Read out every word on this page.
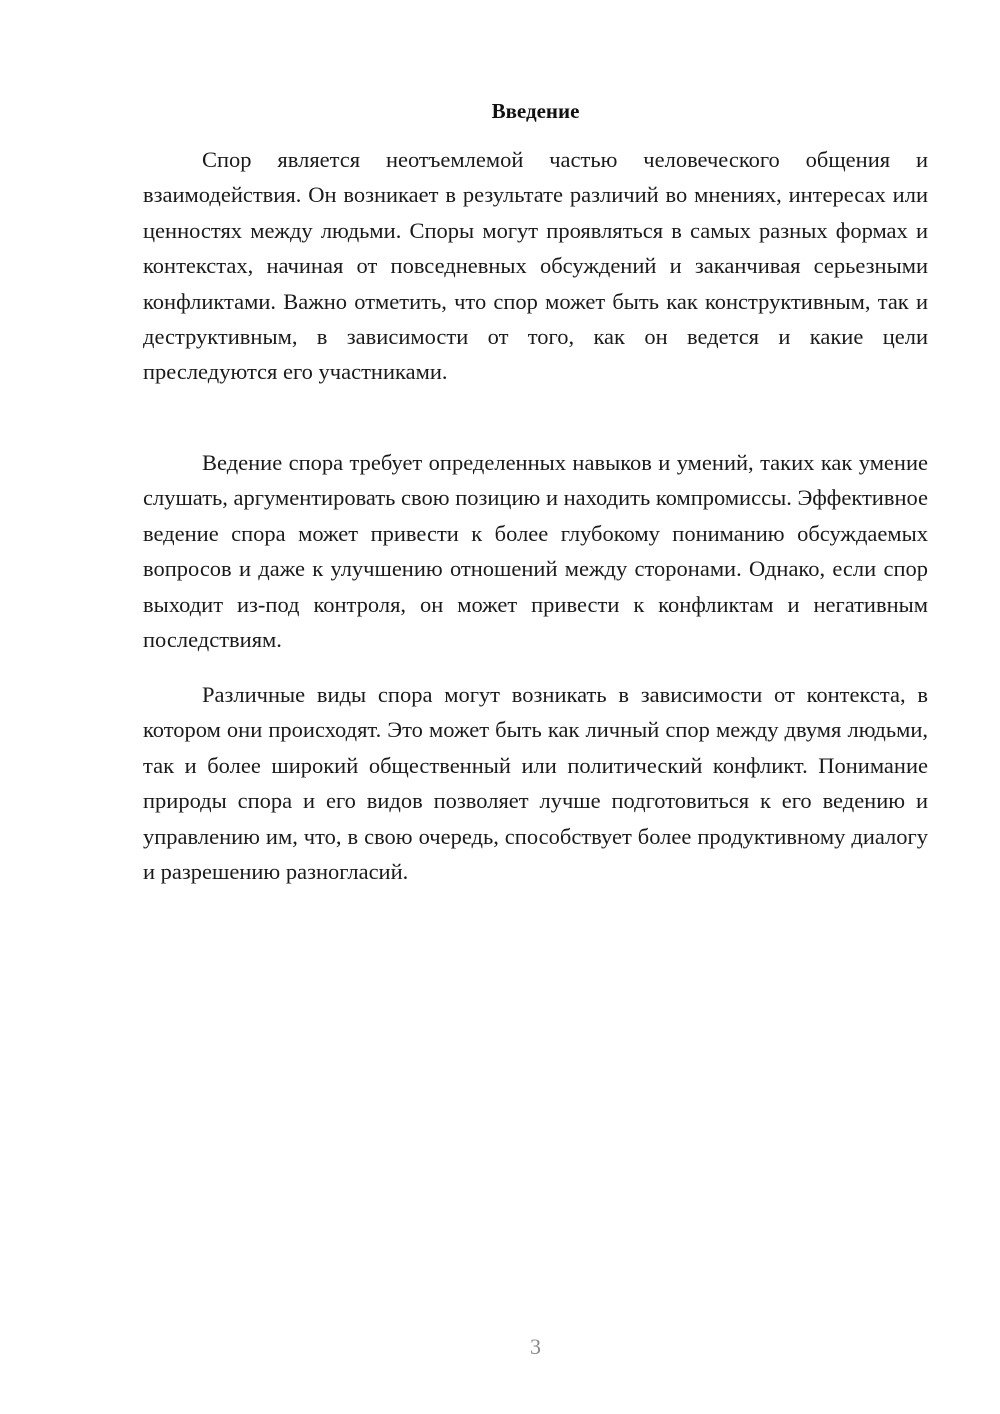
Введение

Спор является неотъемлемой частью человеческого общения и взаимодействия. Он возникает в результате различий во мнениях, интересах или ценностях между людьми. Споры могут проявляться в самых разных формах и контекстах, начиная от повседневных обсуждений и заканчивая серьезными конфликтами. Важно отметить, что спор может быть как конструктивным, так и деструктивным, в зависимости от того, как он ведется и какие цели преследуются его участниками.

Ведение спора требует определенных навыков и умений, таких как умение слушать, аргументировать свою позицию и находить компромиссы. Эффективное ведение спора может привести к более глубокому пониманию обсуждаемых вопросов и даже к улучшению отношений между сторонами. Однако, если спор выходит из-под контроля, он может привести к конфликтам и негативным последствиям.

Различные виды спора могут возникать в зависимости от контекста, в котором они происходят. Это может быть как личный спор между двумя людьми, так и более широкий общественный или политический конфликт. Понимание природы спора и его видов позволяет лучше подготовиться к его ведению и управлению им, что, в свою очередь, способствует более продуктивному диалогу и разрешению разногласий.

3
